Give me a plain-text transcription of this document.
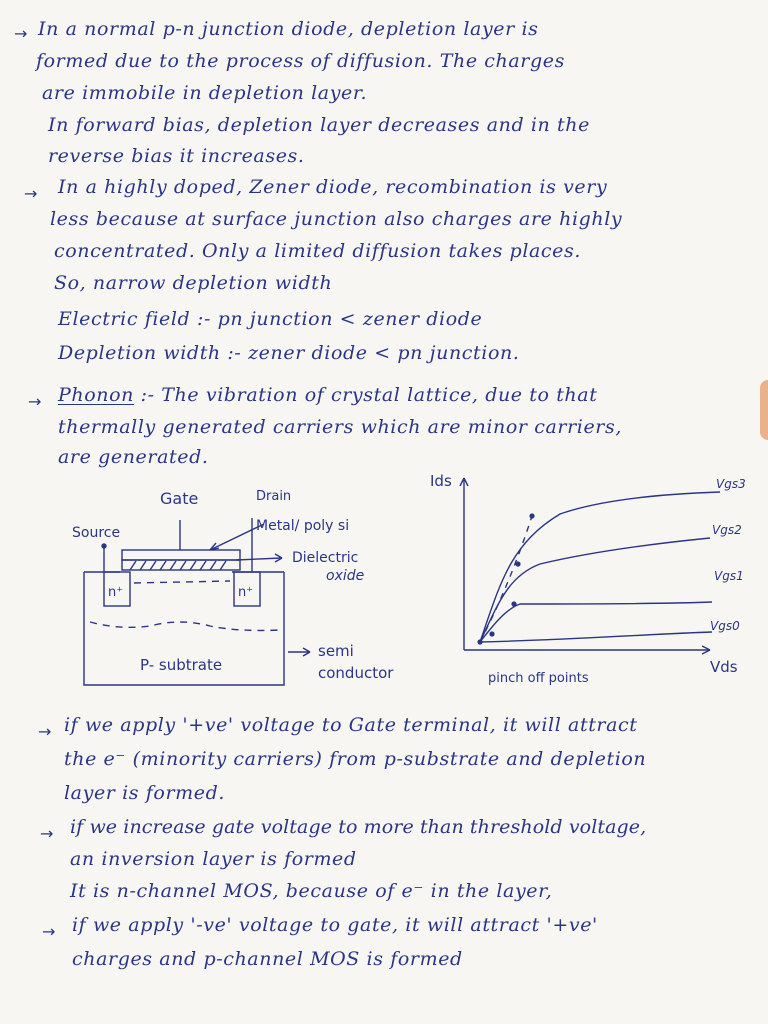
→ In a normal p-n junction diode, depletion layer is
formed due to the process of diffusion. The charges
are immobile in depletion layer.
In forward bias, depletion layer decreases and in the
reverse bias it increases.
→ In a highly doped, Zener diode, recombination is very
less because at surface junction also charges are highly
concentrated. Only a limited diffusion takes places.
So, narrow depletion width
Electric field :- pn junction < zener diode
Depletion width :- zener diode < pn junction.
→ Phonon :- The vibration of crystal lattice, due to that
thermally generated carriers which are minor carriers,
are generated.
Gate	Drain
Source	Metal/ poly si
Dielectric
oxide
n⁺	n⁺
P- subtrate
semi
conductor
Ids
Vds
pinch off points
Vgs3
Vgs2
Vgs1
Vgs0
→ if we apply '+ve' voltage to Gate terminal, it will attract
the e⁻ (minority carriers) from p-substrate and depletion
layer is formed.
→ if we increase gate voltage to more than threshold voltage,
an inversion layer is formed
It is n-channel MOS, because of e⁻ in the layer,
→ if we apply '-ve' voltage to gate, it will attract '+ve'
charges and p-channel MOS is formed
